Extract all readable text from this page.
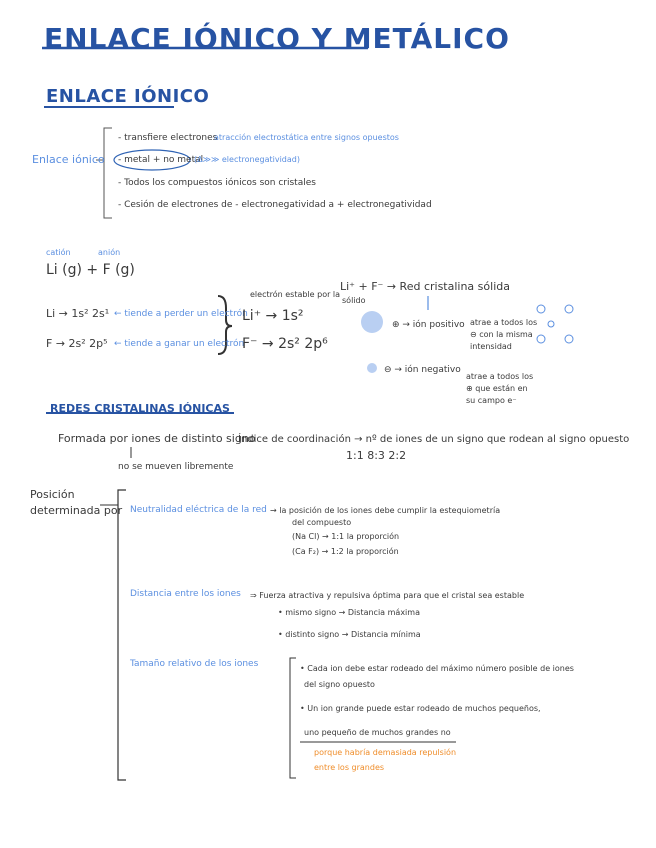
ENLACE IÓNICO Y METÁLICO
ENLACE IÓNICO
Enlace iónico
- transfiere electrones
atracción electrostática entre signos opuestos
- metal + no metal
(Δ≫≫ electronegatividad)
- Todos los compuestos iónicos son cristales
- Cesión de electrones de - electronegatividad a + electronegatividad
catión	anión
Li (g) + F (g)
Li → 1s² 2s¹ ← tiende a perder un electrón
F → 2s² 2p⁵ ← tiende a ganar un electrón
electrón estable por la
Li⁺ → 1s²
F⁻ → 2s² 2p⁶
Li⁺ + F⁻ → Red cristalina sólida
sólido
⊕ → ión positivo atrae a todos los
⊖ con la misma
intensidad
⊖ → ión negativo
atrae a todos los
⊕ que están en
su campo e⁻
REDES CRISTALINAS IÓNICAS
Formada por iones de distinto signo
no se mueven libremente
Índice de coordinación → nº de iones de un signo que rodean al signo opuesto
1:1 8:3 2:2
Posición
determinada por Neutralidad eléctrica de la red → la posición de los iones debe cumplir la estequiometría
del compuesto
(Na Cl) → 1:1 la proporción
(Ca F₂) → 1:2 la proporción
Distancia entre los iones ⇒ Fuerza atractiva y repulsiva óptima para que el cristal sea estable
• mismo signo → Distancia máxima
• distinto signo → Distancia mínima
Tamaño relativo de los iones	• Cada ion debe estar rodeado del máximo número posible de iones
del signo opuesto
• Un ion grande puede estar rodeado de muchos pequeños,
uno pequeño de muchos grandes no
porque habría demasiada repulsión
entre los grandes
